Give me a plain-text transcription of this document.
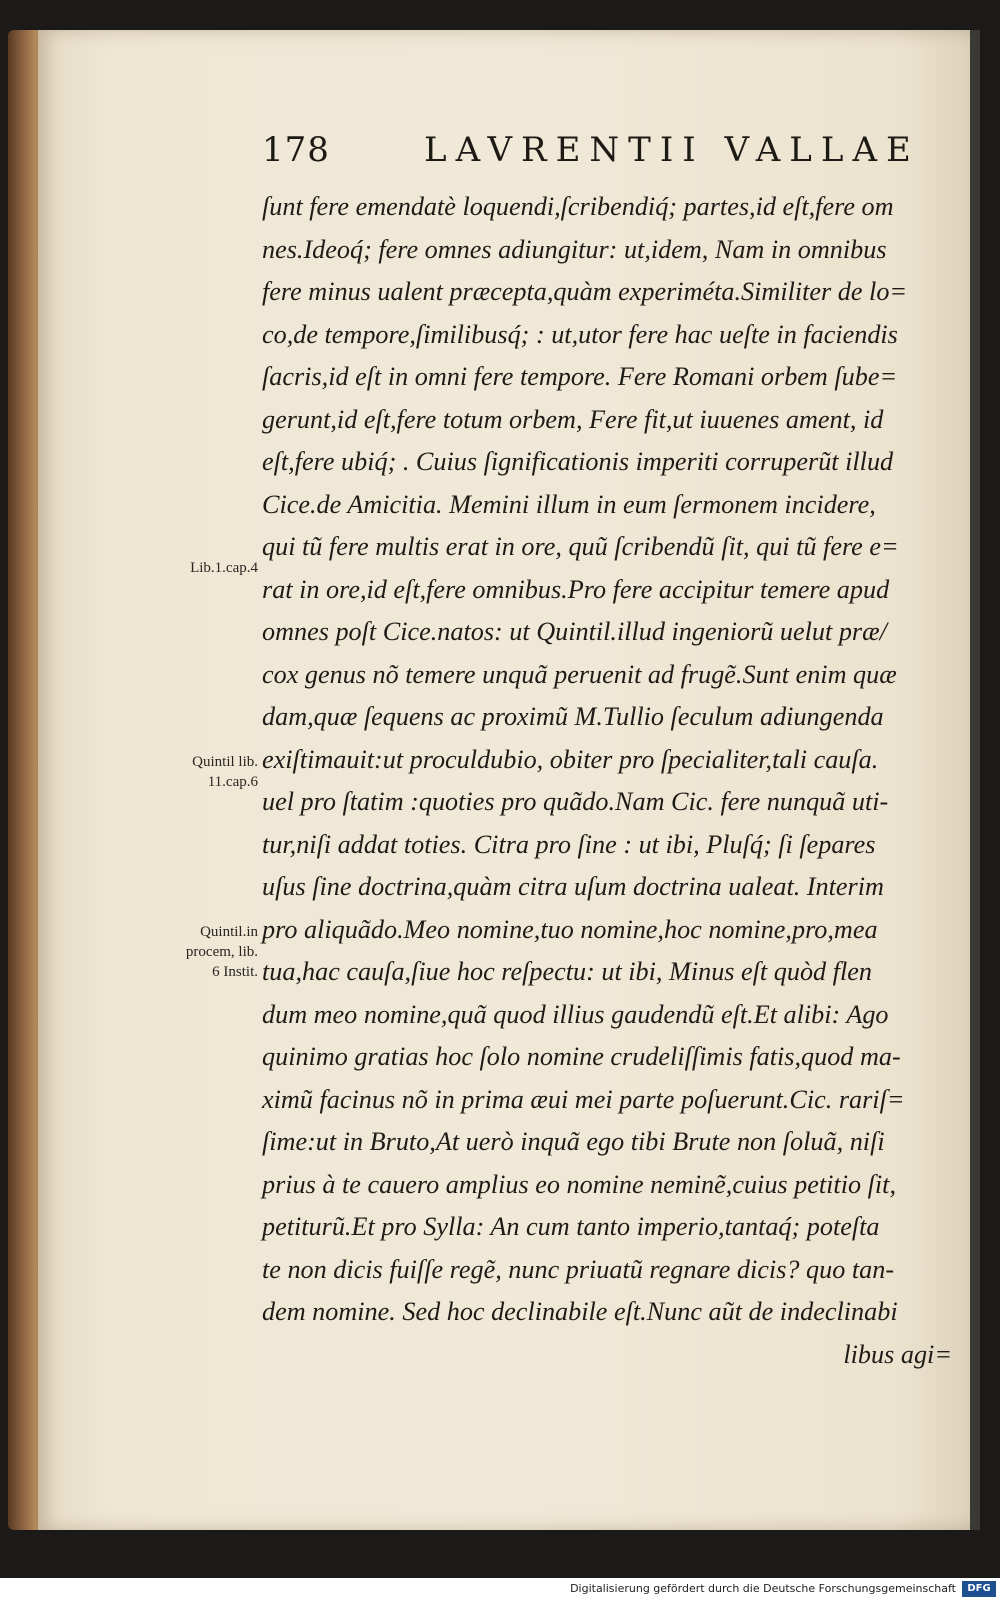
178	LAVRENTII VALLAE
ſunt fere emendatè loquendi,ſcribendiq́; partes,id eſt,fere om
nes.Ideoq́; fere omnes adiungitur: ut,idem, Nam in omnibus
fere minus ualent præcepta,quàm experiméta.Similiter de lo=
co,de tempore,ſimilibusq́; : ut,utor fere hac ueſte in faciendis
ſacris,id eſt in omni fere tempore. Fere Romani orbem ſube=
gerunt,id eſt,fere totum orbem, Fere fit,ut iuuenes ament, id
eſt,fere ubiq́; . Cuius ſignificationis imperiti corruperũt illud
Cice.de Amicitia. Memini illum in eum ſermonem incidere,
qui tũ fere multis erat in ore, quũ ſcribendũ ſit, qui tũ fere e=
rat in ore,id eſt,fere omnibus.Pro fere accipitur temere apud
omnes poſt Cice.natos: ut Quintil.illud ingeniorũ uelut præ/
cox genus nõ temere unquã peruenit ad frugẽ.Sunt enim quæ
dam,quæ ſequens ac proximũ M.Tullio ſeculum adiungenda
exiſtimauit:ut proculdubio, obiter pro ſpecialiter,tali cauſa.
uel pro ſtatim :quoties pro quãdo.Nam Cic. fere nunquã uti-
tur,niſi addat toties. Citra pro ſine : ut ibi, Pluſq́; ſi ſepares
uſus ſine doctrina,quàm citra uſum doctrina ualeat. Interim
pro aliquãdo.Meo nomine,tuo nomine,hoc nomine,pro,mea
tua,hac cauſa,ſiue hoc reſpectu: ut ibi, Minus eſt quòd flen
dum meo nomine,quã quod illius gaudendũ eſt.Et alibi: Ago
quinimo gratias hoc ſolo nomine crudeliſſimis fatis,quod ma-
ximũ facinus nõ in prima æui mei parte poſuerunt.Cic. rariſ=
ſime:ut in Bruto,At uerò inquã ego tibi Brute non ſoluã, niſi
prius à te cauero amplius eo nomine neminẽ,cuius petitio ſit,
petiturũ.Et pro Sylla: An cum tanto imperio,tantaq́; poteſta
te non dicis fuiſſe regẽ, nunc priuatũ regnare dicis? quo tan-
dem nomine. Sed hoc declinabile eſt.Nunc aũt de indeclinabi
libus agi=
Lib.1.cap.4
Quintil lib.
11.cap.6
Quintil.in
procem, lib.
6 Instit.
Digitalisierung gefördert durch die Deutsche Forschungsgemeinschaft	DFG
